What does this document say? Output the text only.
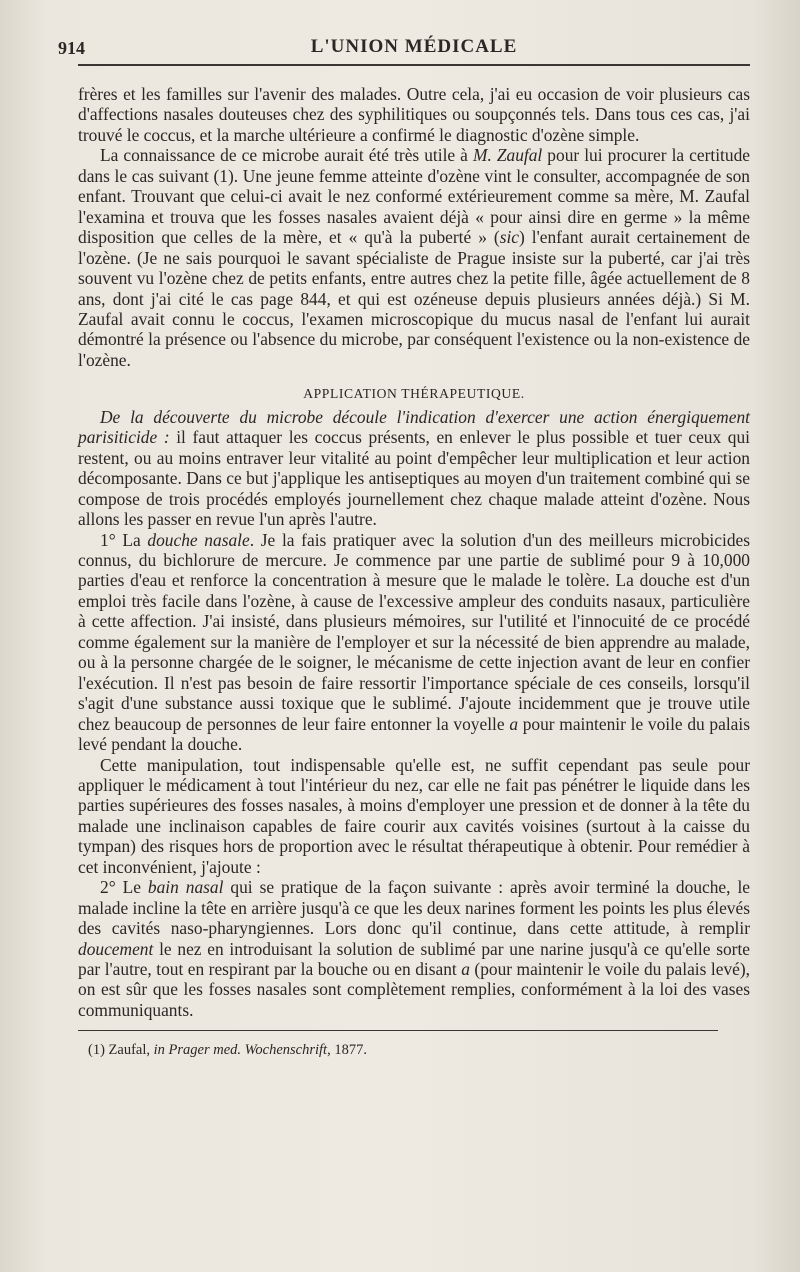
914	L'UNION MÉDICALE

frères et les familles sur l'avenir des malades. Outre cela, j'ai eu occasion de voir plusieurs cas d'affections nasales douteuses chez des syphilitiques ou soupçonnés tels. Dans tous ces cas, j'ai trouvé le coccus, et la marche ultérieure a confirmé le diagnostic d'ozène simple.

La connaissance de ce microbe aurait été très utile à M. Zaufal pour lui procurer la certitude dans le cas suivant (1). Une jeune femme atteinte d'ozène vint le consulter, accompagnée de son enfant. Trouvant que celui-ci avait le nez conformé extérieurement comme sa mère, M. Zaufal l'examina et trouva que les fosses nasales avaient déjà « pour ainsi dire en germe » la même disposition que celles de la mère, et « qu'à la puberté » (sic) l'enfant aurait certainement de l'ozène. (Je ne sais pourquoi le savant spécialiste de Prague insiste sur la puberté, car j'ai très souvent vu l'ozène chez de petits enfants, entre autres chez la petite fille, âgée actuellement de 8 ans, dont j'ai cité le cas page 844, et qui est ozéneuse depuis plusieurs années déjà.) Si M. Zaufal avait connu le coccus, l'examen microscopique du mucus nasal de l'enfant lui aurait démontré la présence ou l'absence du microbe, par conséquent l'existence ou la non-existence de l'ozène.

APPLICATION THÉRAPEUTIQUE.

De la découverte du microbe découle l'indication d'exercer une action énergiquement parisiticide : il faut attaquer les coccus présents, en enlever le plus possible et tuer ceux qui restent, ou au moins entraver leur vitalité au point d'empêcher leur multiplication et leur action décomposante. Dans ce but j'applique les antiseptiques au moyen d'un traitement combiné qui se compose de trois procédés employés journellement chez chaque malade atteint d'ozène. Nous allons les passer en revue l'un après l'autre.

1° La douche nasale. Je la fais pratiquer avec la solution d'un des meilleurs microbicides connus, du bichlorure de mercure. Je commence par une partie de sublimé pour 9 à 10,000 parties d'eau et renforce la concentration à mesure que le malade le tolère. La douche est d'un emploi très facile dans l'ozène, à cause de l'excessive ampleur des conduits nasaux, particulière à cette affection. J'ai insisté, dans plusieurs mémoires, sur l'utilité et l'innocuité de ce procédé comme également sur la manière de l'employer et sur la nécessité de bien apprendre au malade, ou à la personne chargée de le soigner, le mécanisme de cette injection avant de leur en confier l'exécution. Il n'est pas besoin de faire ressortir l'importance spéciale de ces conseils, lorsqu'il s'agit d'une substance aussi toxique que le sublimé. J'ajoute incidemment que je trouve utile chez beaucoup de personnes de leur faire entonner la voyelle a pour maintenir le voile du palais levé pendant la douche.

Cette manipulation, tout indispensable qu'elle est, ne suffit cependant pas seule pour appliquer le médicament à tout l'intérieur du nez, car elle ne fait pas pénétrer le liquide dans les parties supérieures des fosses nasales, à moins d'employer une pression et de donner à la tête du malade une inclinaison capables de faire courir aux cavités voisines (surtout à la caisse du tympan) des risques hors de proportion avec le résultat thérapeutique à obtenir. Pour remédier à cet inconvénient, j'ajoute :

2° Le bain nasal qui se pratique de la façon suivante : après avoir terminé la douche, le malade incline la tête en arrière jusqu'à ce que les deux narines forment les points les plus élevés des cavités naso-pharyngiennes. Lors donc qu'il continue, dans cette attitude, à remplir doucement le nez en introduisant la solution de sublimé par une narine jusqu'à ce qu'elle sorte par l'autre, tout en respirant par la bouche ou en disant a (pour maintenir le voile du palais levé), on est sûr que les fosses nasales sont complètement remplies, conformément à la loi des vases communiquants.

(1) Zaufal, in Prager med. Wochenschrift, 1877.
